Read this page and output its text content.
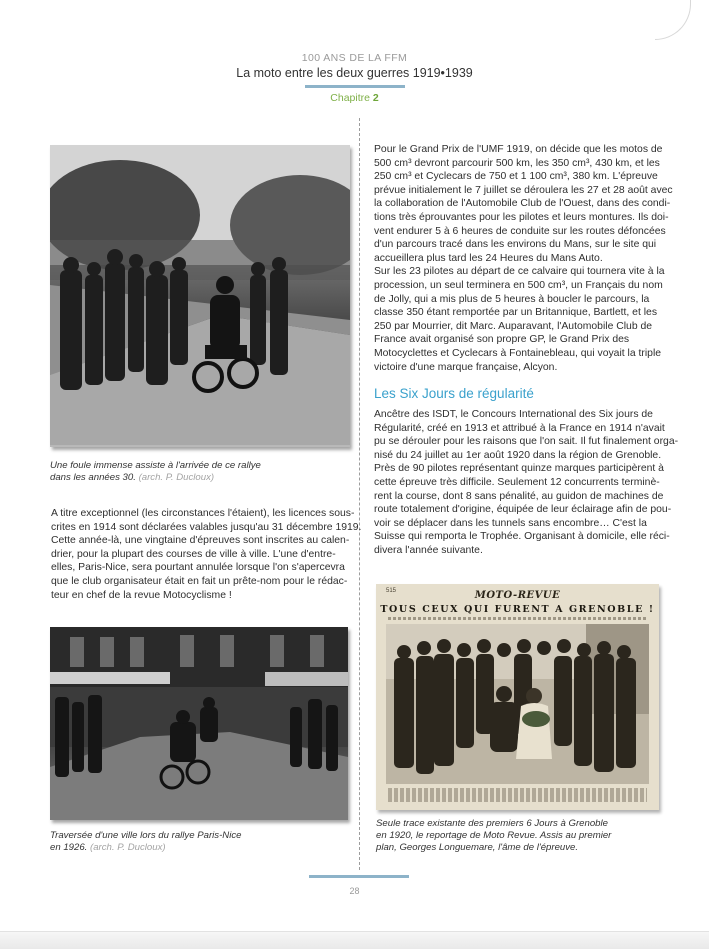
100 ANS DE LA FFM
La moto entre les deux guerres 1919•1939
Chapitre 2
Une foule immense assiste à l'arrivée de ce rallye
dans les années 30. (arch. P. Ducloux)
A titre exceptionnel (les circonstances l'étaient), les licences sous-
crites en 1914 sont déclarées valables jusqu'au 31 décembre 1919.
Cette année-là, une vingtaine d'épreuves sont inscrites au calen-
drier, pour la plupart des courses de ville à ville. L'une d'entre-
elles, Paris-Nice, sera pourtant annulée lorsque l'on s'apercevra
que le club organisateur était en fait un prête-nom pour le rédac-
teur en chef de la revue Motocyclisme !
Traversée d'une ville lors du rallye Paris-Nice
en 1926. (arch. P. Ducloux)
Pour le Grand Prix de l'UMF 1919, on décide que les motos de
500 cm³ devront parcourir 500 km, les 350 cm³, 430 km, et les
250 cm³ et Cyclecars de 750 et 1 100 cm³, 380 km. L'épreuve
prévue initialement le 7 juillet se déroulera les 27 et 28 août avec
la collaboration de l'Automobile Club de l'Ouest, dans des condi-
tions très éprouvantes pour les pilotes et leurs montures. Ils doi-
vent endurer 5 à 6 heures de conduite sur les routes défoncées
d'un parcours tracé dans les environs du Mans, sur le site qui
accueillera plus tard les 24 Heures du Mans Auto.
Sur les 23 pilotes au départ de ce calvaire qui tournera vite à la
procession, un seul terminera en 500 cm³, un Français du nom
de Jolly, qui a mis plus de 5 heures à boucler le parcours, la
classe 350 étant remportée par un Britannique, Bartlett, et les
250 par Mourrier, dit Marc. Auparavant, l'Automobile Club de
France avait organisé son propre GP, le Grand Prix des
Motocyclettes et Cyclecars à Fontainebleau, qui voyait la triple
victoire d'une marque française, Alcyon.
Les Six Jours de régularité
Ancêtre des ISDT, le Concours International des Six jours de
Régularité, créé en 1913 et attribué à la France en 1914 n'avait
pu se dérouler pour les raisons que l'on sait. Il fut finalement orga-
nisé du 24 juillet au 1er août 1920 dans la région de Grenoble.
Près de 90 pilotes représentant quinze marques participèrent à
cette épreuve très difficile. Seulement 12 concurrents terminè-
rent la course, dont 8 sans pénalité, au guidon de machines de
route totalement d'origine, équipée de leur éclairage afin de pou-
voir se déplacer dans les tunnels sans encombre… C'est la
Suisse qui remporta le Trophée. Organisant à domicile, elle réci-
divera l'année suivante.
515	MOTO-REVUE
TOUS CEUX QUI FURENT A GRENOBLE !
Seule trace existante des premiers 6 Jours à Grenoble
en 1920, le reportage de Moto Revue. Assis au premier
plan, Georges Longuemare, l'âme de l'épreuve.
28
